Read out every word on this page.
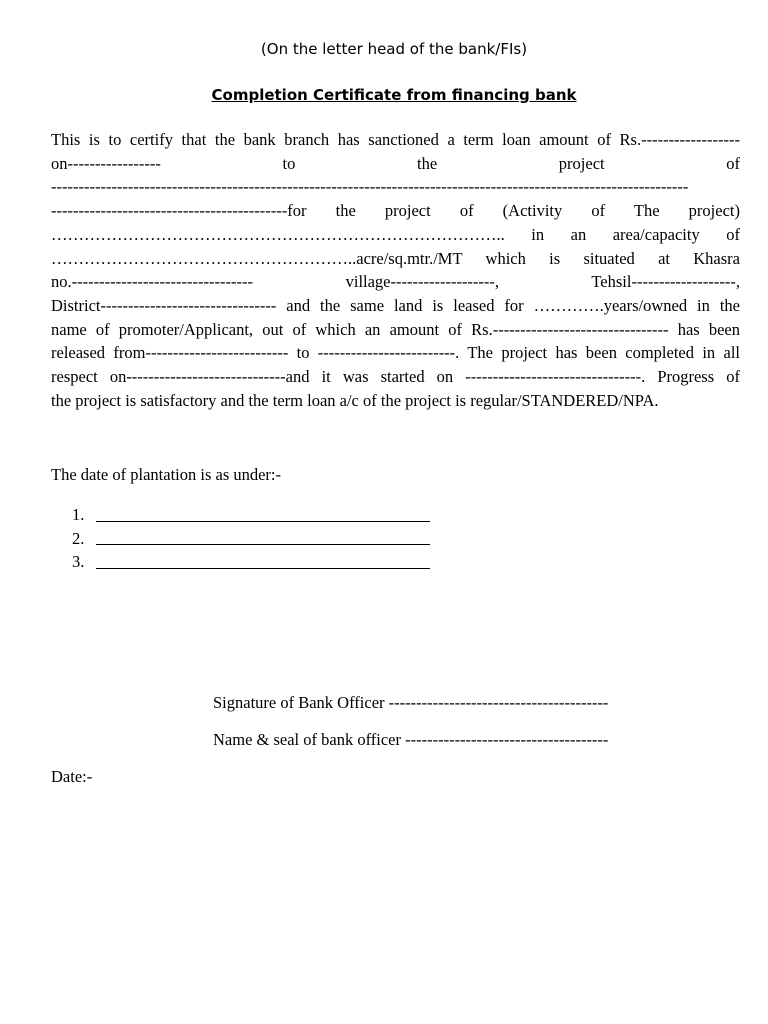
(On the letter head of the bank/FIs)
Completion Certificate from financing bank
This is to certify that the bank branch has sanctioned a term loan amount of Rs.------------------
on----------------- to the project of
--------------------------------------------------------------------------------------------------------------------
-------------------------------------------for the project of (Activity of The project)
……………………………………………………………………….. in an area/capacity of
………………………………………………..acre/sq.mtr./MT which is situated at Khasra
no.--------------------------------- village-------------------, Tehsil-------------------,
District-------------------------------- and the same land is leased for ………….years/owned in the
name of promoter/Applicant, out of which an amount of Rs.-------------------------------- has been
released from-------------------------- to -------------------------. The project has been completed in all
respect on-----------------------------and it was started on --------------------------------. Progress of
the project is satisfactory and the term loan a/c of the project is regular/STANDERED/NPA.
The date of plantation is as under:-
1.
2.
3.
Signature of Bank Officer ----------------------------------------
Name & seal of bank officer -------------------------------------
Date:-
